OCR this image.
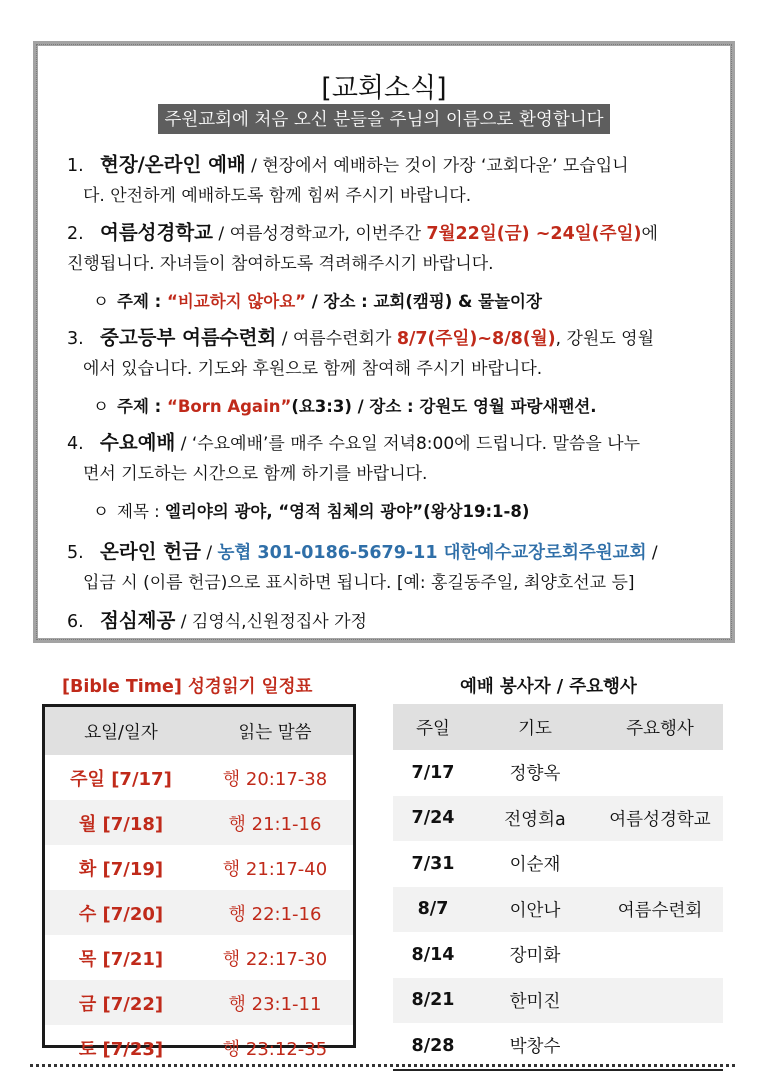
[교회소식]
주원교회에 처음 오신 분들을 주님의 이름으로 환영합니다
1. 현장/온라인 예배 / 현장에서 예배하는 것이 가장 ‘교회다운’ 모습입니
다. 안전하게 예배하도록 함께 힘써 주시기 바랍니다.
2. 여름성경학교 / 여름성경학교가, 이번주간 7월22일(금) ~24일(주일)에
진행됩니다. 자녀들이 참여하도록 격려해주시기 바랍니다.
ㅇ 주제 : “비교하지 않아요” / 장소 : 교회(캠핑) & 물놀이장
3. 중고등부 여름수련회 / 여름수련회가 8/7(주일)~8/8(월), 강원도 영월
에서 있습니다. 기도와 후원으로 함께 참여해 주시기 바랍니다.
ㅇ 주제 : “Born Again”(요3:3) / 장소 : 강원도 영월 파랑새팬션.
4. 수요예배 / ‘수요예배’를 매주 수요일 저녁8:00에 드립니다. 말씀을 나누
면서 기도하는 시간으로 함께 하기를 바랍니다.
ㅇ 제목 : 엘리야의 광야, “영적 침체의 광야”(왕상19:1-8)
5. 온라인 헌금 / 농협 301-0186-5679-11 대한예수교장로회주원교회 /
입금 시 (이름 헌금)으로 표시하면 됩니다. [예: 홍길동주일, 최양호선교 등]
6. 점심제공 / 김영식,신원정집사 가정
[Bible Time] 성경읽기 일정표
요일/일자	읽는 말씀
주일 [7/17]	행 20:17-38
월 [7/18]	행 21:1-16
화 [7/19]	행 21:17-40
수 [7/20]	행 22:1-16
목 [7/21]	행 22:17-30
금 [7/22]	행 23:1-11
토 [7/23]	행 23:12-35
예배 봉사자 / 주요행사
주일	기도	주요행사
7/17	정향옥	
7/24	전영희a	여름성경학교
7/31	이순재	
8/7	이안나	여름수련회
8/14	장미화	
8/21	한미진	
8/28	박창수	
